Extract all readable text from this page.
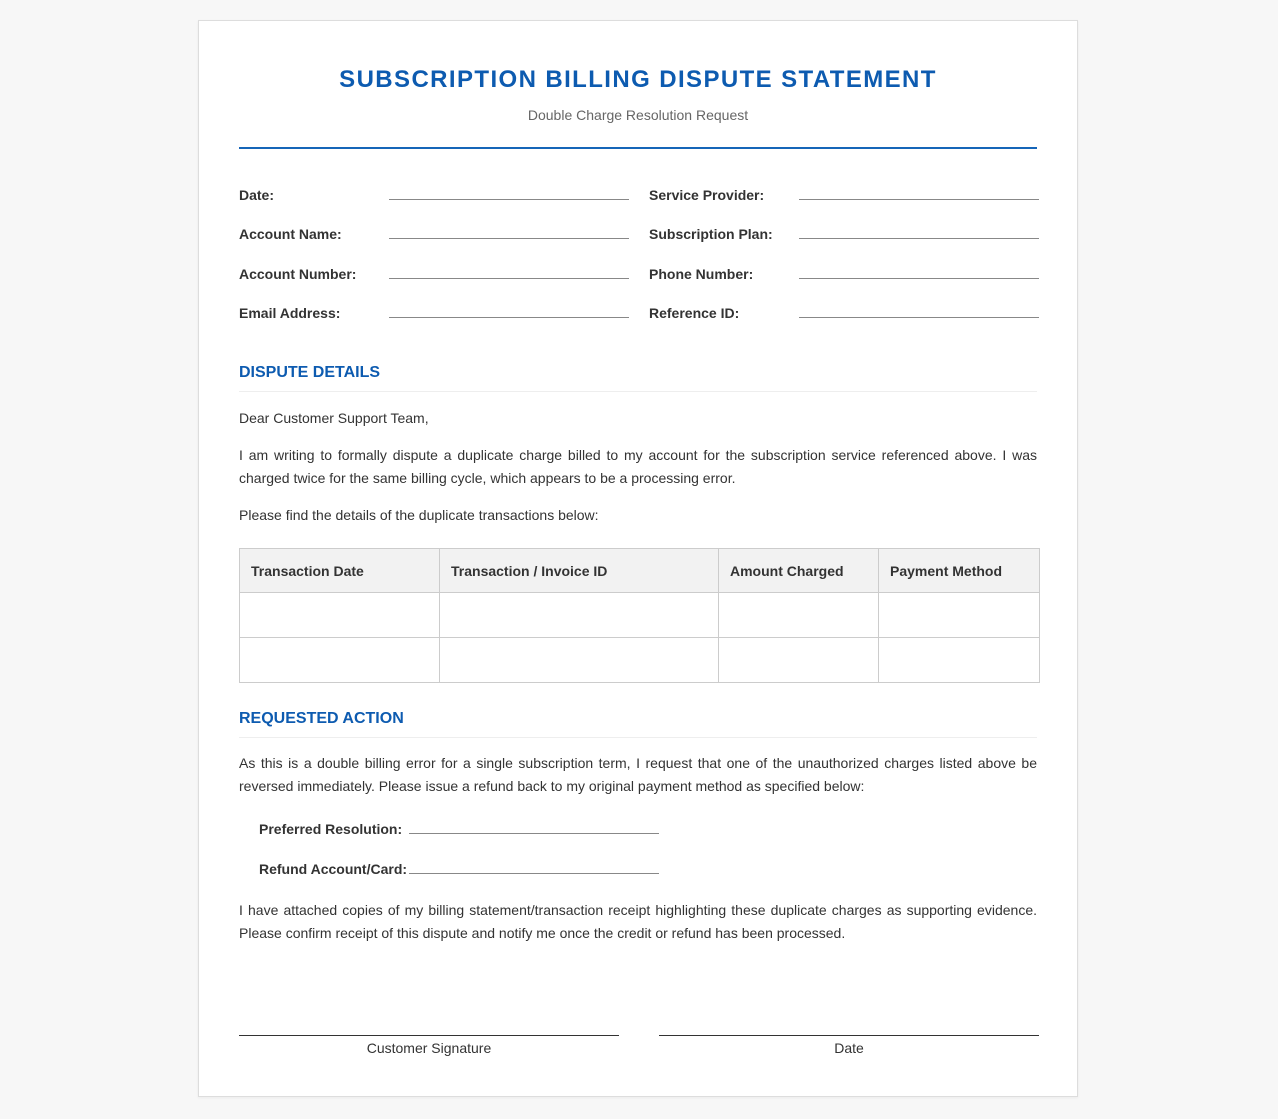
SUBSCRIPTION BILLING DISPUTE STATEMENT
Double Charge Resolution Request
Date:
Account Name:
Account Number:
Email Address:
Service Provider:
Subscription Plan:
Phone Number:
Reference ID:
DISPUTE DETAILS
Dear Customer Support Team,
I am writing to formally dispute a duplicate charge billed to my account for the subscription service referenced above. I was charged twice for the same billing cycle, which appears to be a processing error.
Please find the details of the duplicate transactions below:
Transaction Date	Transaction / Invoice ID	Amount Charged	Payment Method

REQUESTED ACTION
As this is a double billing error for a single subscription term, I request that one of the unauthorized charges listed above be reversed immediately. Please issue a refund back to my original payment method as specified below:
Preferred Resolution:
Refund Account/Card:
I have attached copies of my billing statement/transaction receipt highlighting these duplicate charges as supporting evidence. Please confirm receipt of this dispute and notify me once the credit or refund has been processed.
Customer Signature	Date
